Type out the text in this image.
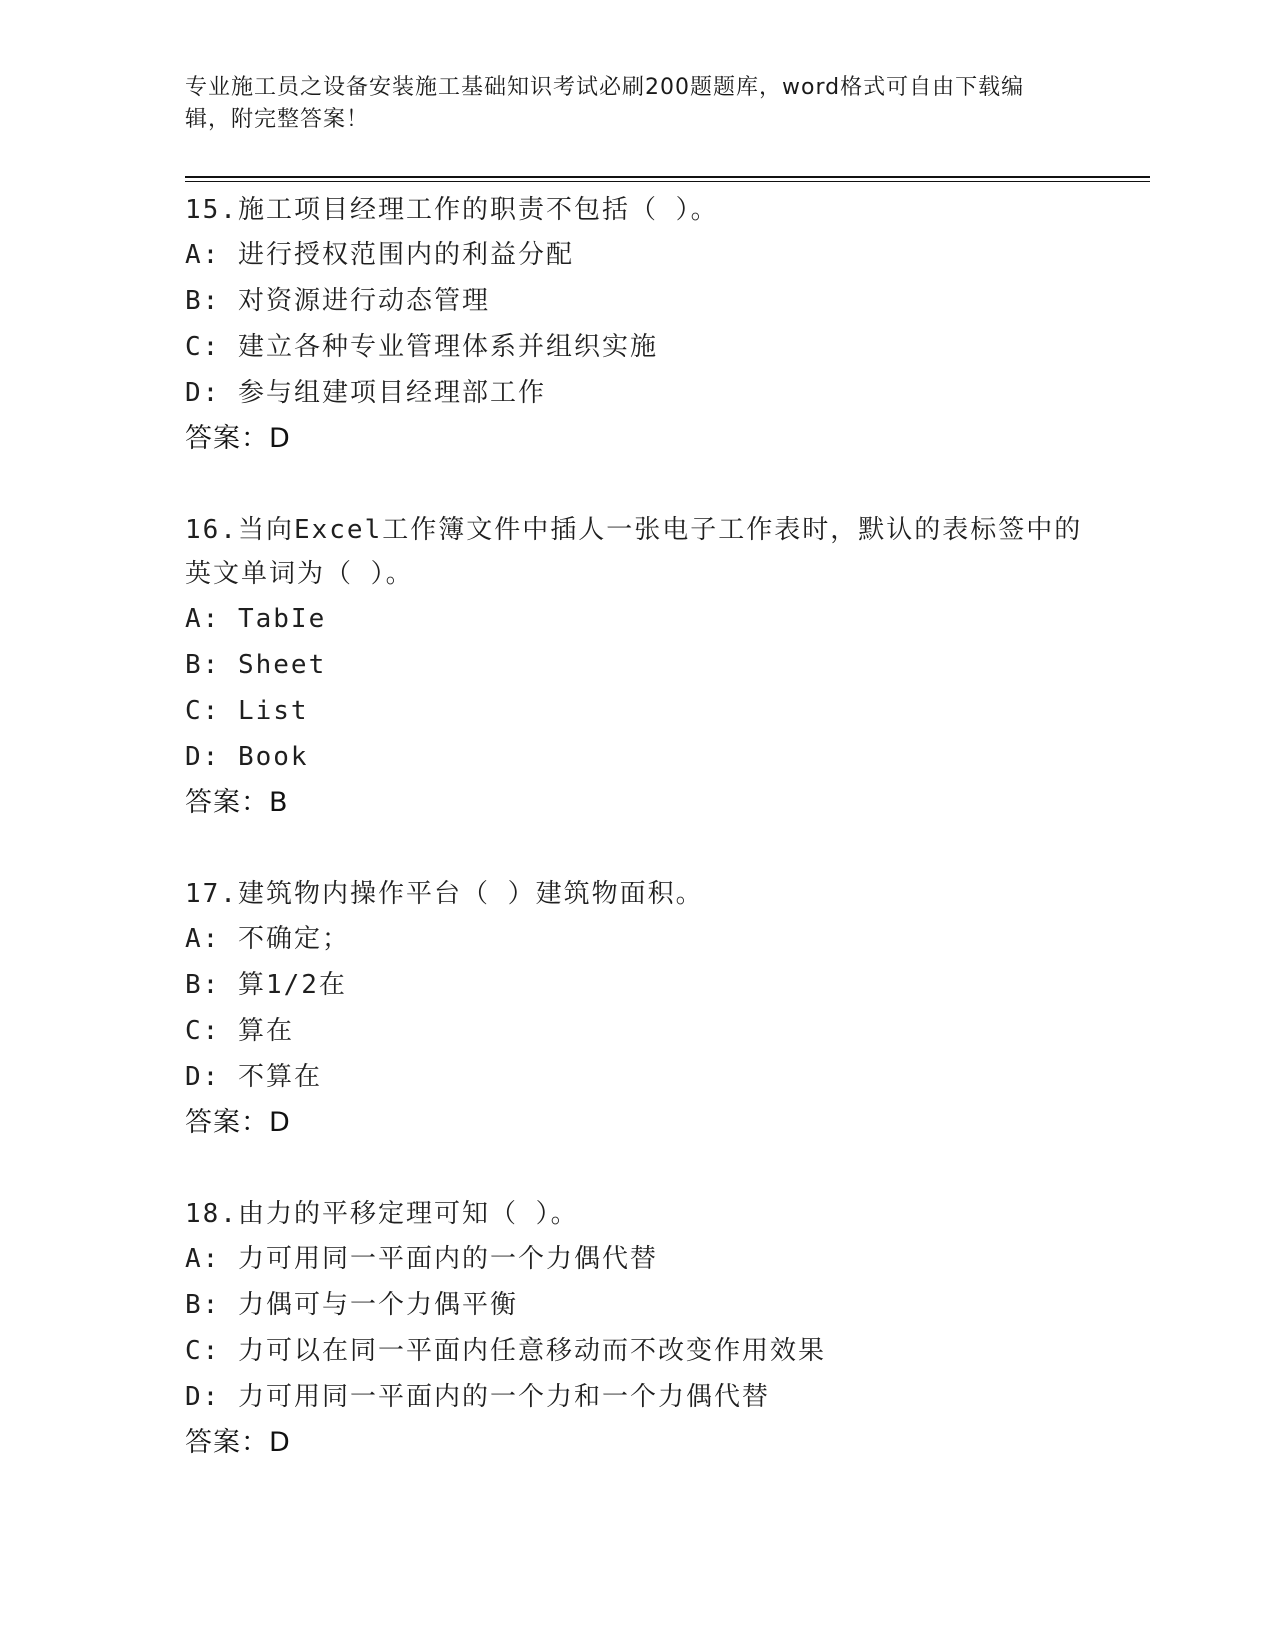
专业施工员之设备安装施工基础知识考试必刷200题题库，word格式可自由下载编辑，附完整答案！
15.施工项目经理工作的职责不包括（ ）。
A: 进行授权范围内的利益分配
B: 对资源进行动态管理
C: 建立各种专业管理体系并组织实施
D: 参与组建项目经理部工作
答案：D
16.当向Excel工作簿文件中插人一张电子工作表时，默认的表标签中的英文单词为（ ）。
A: TabIe
B: Sheet
C: List
D: Book
答案：B
17.建筑物内操作平台（ ）建筑物面积。
A: 不确定；
B: 算1/2在
C: 算在
D: 不算在
答案：D
18.由力的平移定理可知（ ）。
A: 力可用同一平面内的一个力偶代替
B: 力偶可与一个力偶平衡
C: 力可以在同一平面内任意移动而不改变作用效果
D: 力可用同一平面内的一个力和一个力偶代替
答案：D
